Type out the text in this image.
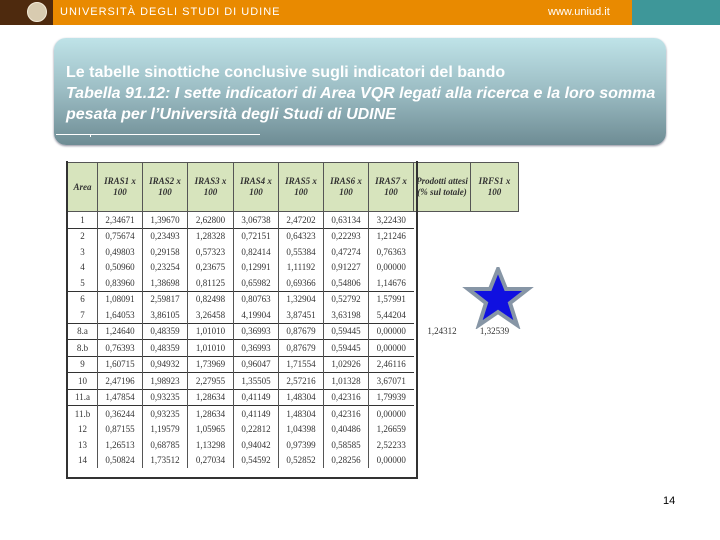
UNIVERSITÀ DEGLI STUDI DI UDINE	www.uniud.it
Le tabelle sinottiche conclusive sugli indicatori del bando
Tabella 91.12: I sette indicatori di Area VQR legati alla ricerca e la loro somma pesata per l’Università degli Studi di UDINE
Area	IRAS1 x 100	IRAS2 x 100	IRAS3 x 100	IRAS4 x 100	IRAS5 x 100	IRAS6 x 100	IRAS7 x 100	Prodotti attesi (% sul totale)	IRFS1 x 100
1	2,34671	1,39670	2,62800	3,06738	2,47202	0,63134	3,22430		
2	0,75674	0,23493	1,28328	0,72151	0,64323	0,22293	1,21246		
3	0,49803	0,29158	0,57323	0,82414	0,55384	0,47274	0,76363		
4	0,50960	0,23254	0,23675	0,12991	1,11192	0,91227	0,00000		
5	0,83960	1,38698	0,81125	0,65982	0,69366	0,54806	1,14676		
6	1,08091	2,59817	0,82498	0,80763	1,32904	0,52792	1,57991		
7	1,64053	3,86105	3,26458	4,19904	3,87451	3,63198	5,44204		
8.a	1,24640	0,48359	1,01010	0,36993	0,87679	0,59445	0,00000	1,24312	1,32539
8.b	0,76393	0,48359	1,01010	0,36993	0,87679	0,59445	0,00000		
9	1,60715	0,94932	1,73969	0,96047	1,71554	1,02926	2,46116		
10	2,47196	1,98923	2,27955	1,35505	2,57216	1,01328	3,67071		
11.a	1,47854	0,93235	1,28634	0,41149	1,48304	0,42316	1,79939		
11.b	0,36244	0,93235	1,28634	0,41149	1,48304	0,42316	0,00000		
12	0,87155	1,19579	1,05965	0,22812	1,04398	0,40486	1,26659		
13	1,26513	0,68785	1,13298	0,94042	0,97399	0,58585	2,52233		
14	0,50824	1,73512	0,27034	0,54592	0,52852	0,28256	0,00000		
14
